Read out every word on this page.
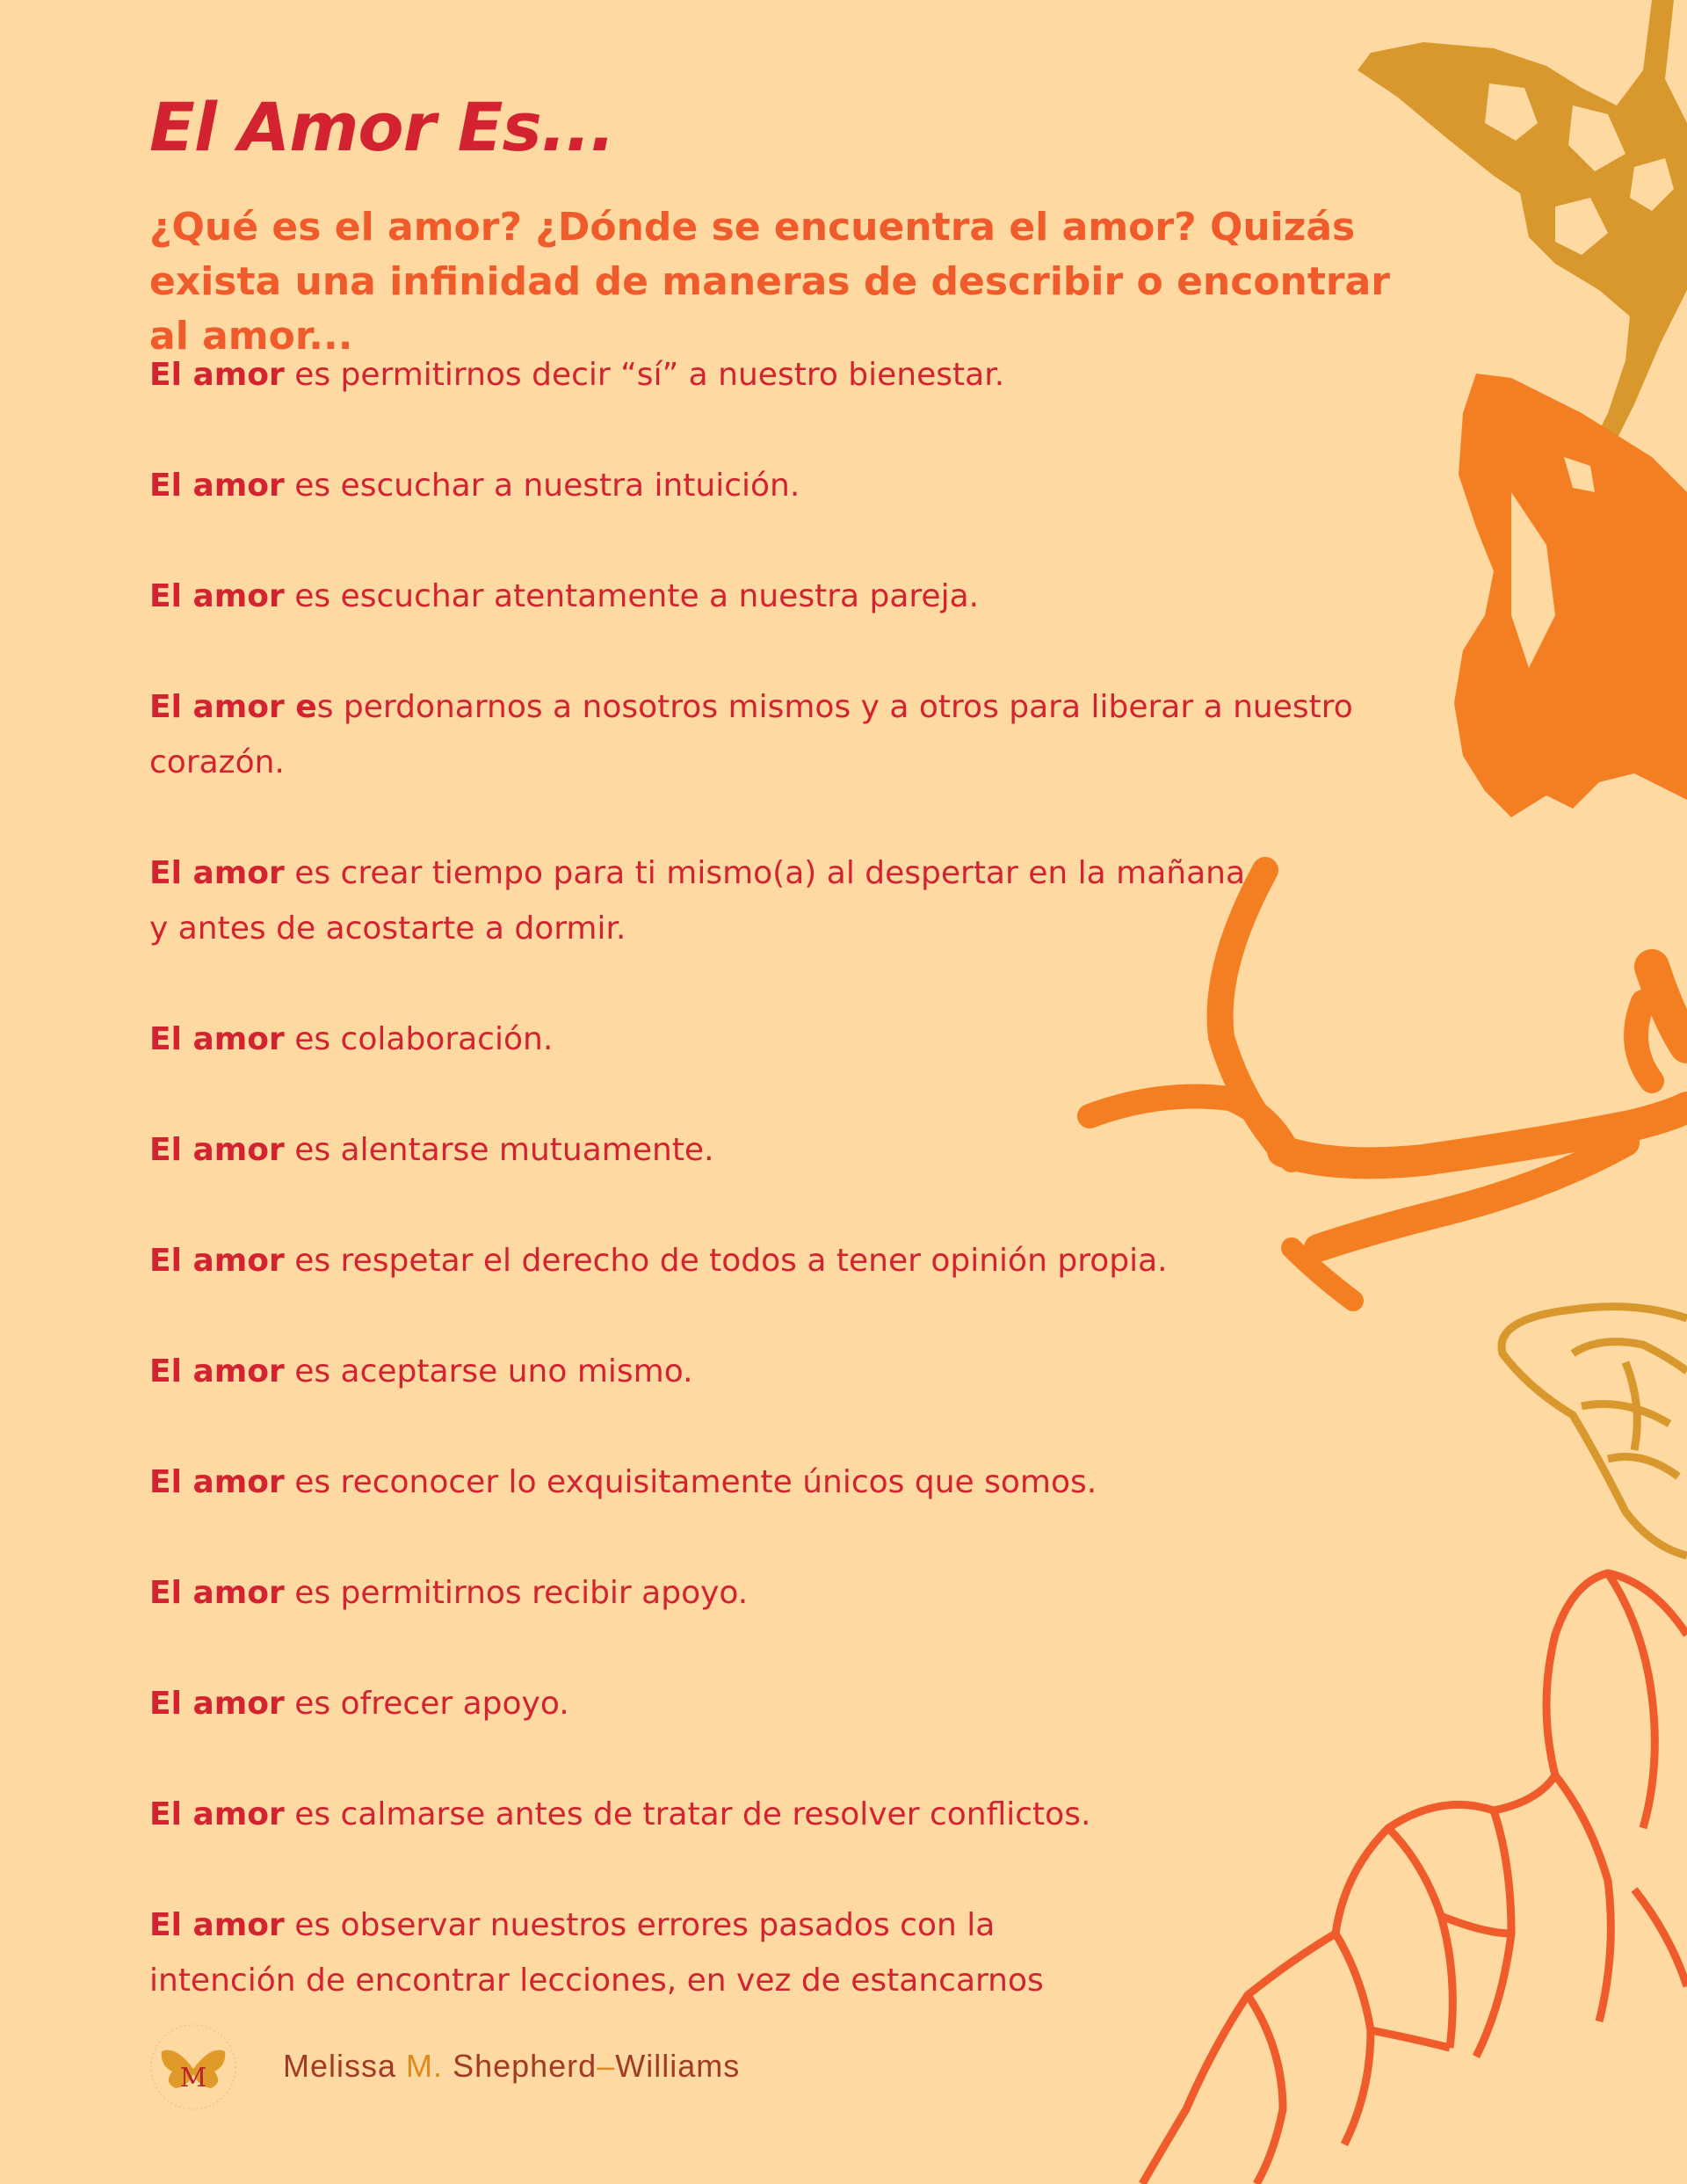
El Amor Es...

¿Qué es el amor? ¿Dónde se encuentra el amor? Quizás exista una infinidad de maneras de describir o encontrar al amor...

El amor es permitirnos decir “sí” a nuestro bienestar.
El amor es escuchar a nuestra intuición.
El amor es escuchar atentamente a nuestra pareja.
El amor es perdonarnos a nosotros mismos y a otros para liberar a nuestro corazón.
El amor es crear tiempo para ti mismo(a) al despertar en la mañana y antes de acostarte a dormir.
El amor es colaboración.
El amor es alentarse mutuamente.
El amor es respetar el derecho de todos a tener opinión propia.
El amor es aceptarse uno mismo.
El amor es reconocer lo exquisitamente únicos que somos.
El amor es permitirnos recibir apoyo.
El amor es ofrecer apoyo.
El amor es calmarse antes de tratar de resolver conflictos.
El amor es observar nuestros errores pasados con la intención de encontrar lecciones, en vez de estancarnos
M Melissa M. Shepherd–Williams
